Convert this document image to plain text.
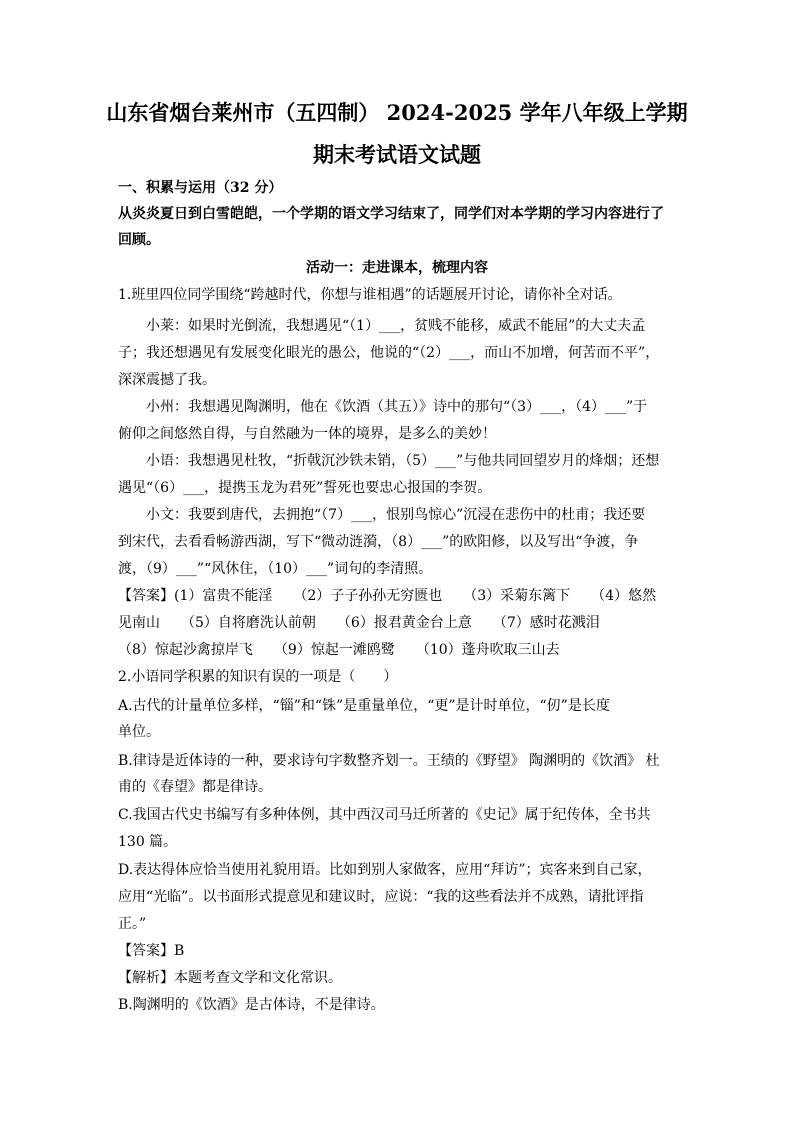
山东省烟台莱州市（五四制） 2024-2025 学年八年级上学期
期末考试语文试题
一、积累与运用（32 分）
从炎炎夏日到白雪皑皑，一个学期的语文学习结束了，同学们对本学期的学习内容进行了
回顾。
活动一：走进课本，梳理内容
1.班里四位同学围绕“跨越时代，你想与谁相遇”的话题展开讨论，请你补全对话。
小莱：如果时光倒流，我想遇见“（1）___，贫贱不能移，威武不能屈”的大丈夫孟
子；我还想遇见有发展变化眼光的愚公，他说的“（2）___，而山不加增，何苦而不平”，
深深震撼了我。
小州：我想遇见陶渊明，他在《饮酒（其五）》诗中的那句“（3）___，（4）___”于
俯仰之间悠然自得，与自然融为一体的境界，是多么的美妙！
小语：我想遇见杜牧，“折戟沉沙铁未销，（5）___”与他共同回望岁月的烽烟；还想
遇见“（6）___，提携玉龙为君死”誓死也要忠心报国的李贺。
小文：我要到唐代，去拥抱“（7）___，恨别鸟惊心”沉浸在悲伤中的杜甫；我还要
到宋代，去看看畅游西湖，写下“微动涟漪，（8）___”的欧阳修，以及写出“争渡，争
渡，（9）___”“风休住，（10）___”词句的李清照。
【答案】(1）富贵不能淫　　（2）子子孙孙无穷匮也　　（3）采菊东篱下　　（4）悠然
见南山　　（5）自将磨洗认前朝　　（6）报君黄金台上意　　（7）感时花溅泪
（8）惊起沙禽掠岸飞　　（9）惊起一滩鸥鹭　　（10）蓬舟吹取三山去
2.小语同学积累的知识有误的一项是（　　）
A.古代的计量单位多样，“锱”和“铢”是重量单位，“更”是计时单位，“仞”是长度
单位。
B.律诗是近体诗的一种，要求诗句字数整齐划一。王绩的《野望》 陶渊明的《饮酒》 杜
甫的《春望》都是律诗。
C.我国古代史书编写有多种体例，其中西汉司马迁所著的《史记》属于纪传体，全书共
130 篇。
D.表达得体应恰当使用礼貌用语。比如到别人家做客，应用“拜访”；宾客来到自己家，
应用“光临”。以书面形式提意见和建议时，应说：“我的这些看法并不成熟，请批评指
正。”
【答案】B
【解析】本题考查文学和文化常识。
B.陶渊明的《饮酒》是古体诗，不是律诗。
